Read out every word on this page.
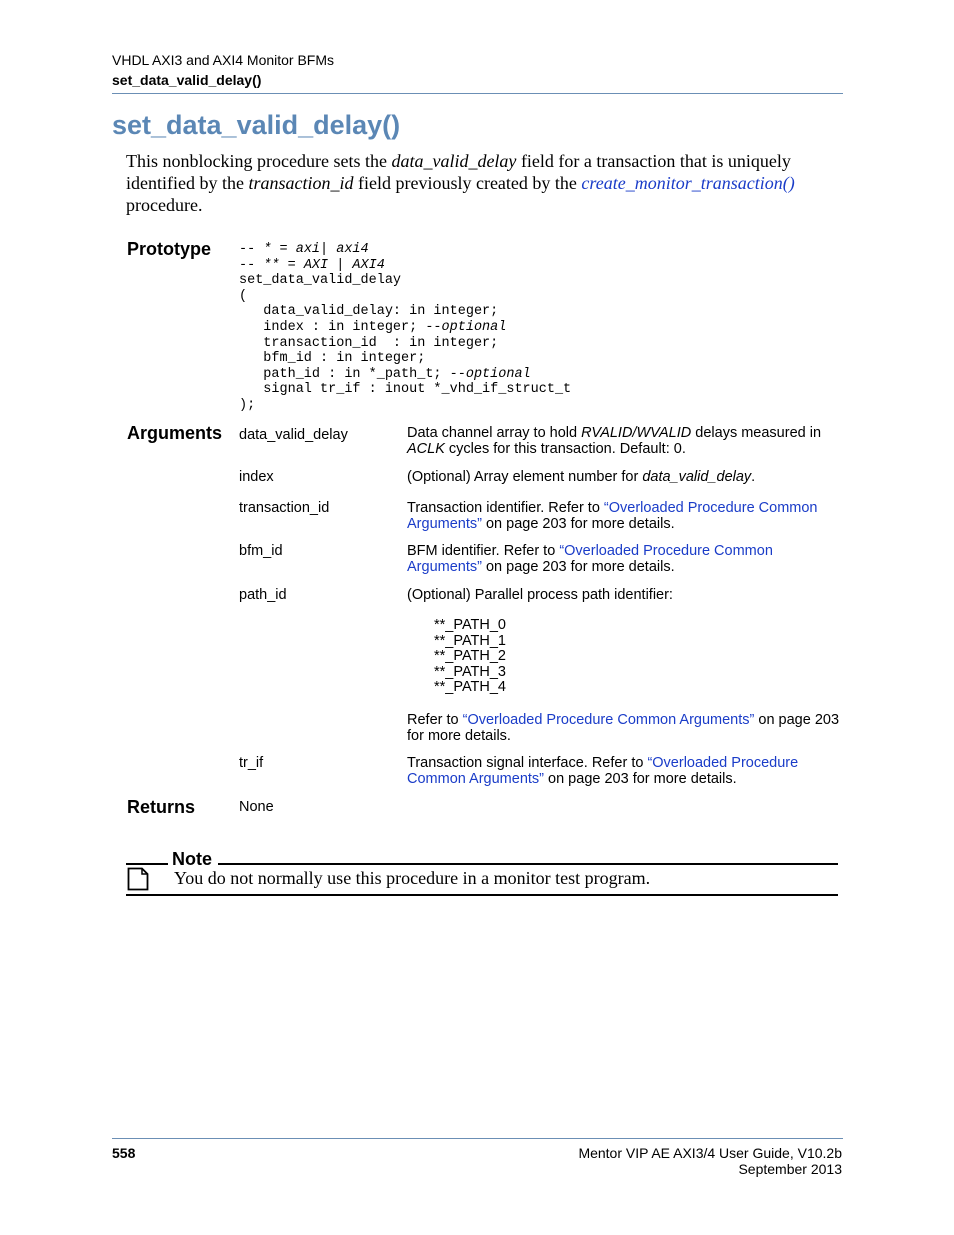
VHDL AXI3 and AXI4 Monitor BFMs
set_data_valid_delay()
set_data_valid_delay()
This nonblocking procedure sets the data_valid_delay field for a transaction that is uniquely identified by the transaction_id field previously created by the create_monitor_transaction() procedure.
Prototype -- * = axi| axi4
-- ** = AXI | AXI4
set_data_valid_delay
(
data_valid_delay: in integer;
index : in integer; --optional
transaction_id  : in integer;
bfm_id : in integer;
path_id : in *_path_t; --optional
signal tr_if : inout *_vhd_if_struct_t
);
Arguments data_valid_delay
index
transaction_id
bfm_id
path_id
tr_if
Data channel array to hold RVALID/WVALID delays measured in ACLK cycles for this transaction. Default: 0.
(Optional) Array element number for data_valid_delay.
Transaction identifier. Refer to “Overloaded Procedure Common Arguments” on page 203 for more details.
BFM identifier. Refer to “Overloaded Procedure Common Arguments” on page 203 for more details.
(Optional) Parallel process path identifier:
**_PATH_0
**_PATH_1
**_PATH_2
**_PATH_3
**_PATH_4
Refer to “Overloaded Procedure Common Arguments” on page 203 for more details.
Transaction signal interface. Refer to “Overloaded Procedure Common Arguments” on page 203 for more details.
Returns	None
Note
You do not normally use this procedure in a monitor test program.
558	Mentor VIP AE AXI3/4 User Guide, V10.2b
September 2013
